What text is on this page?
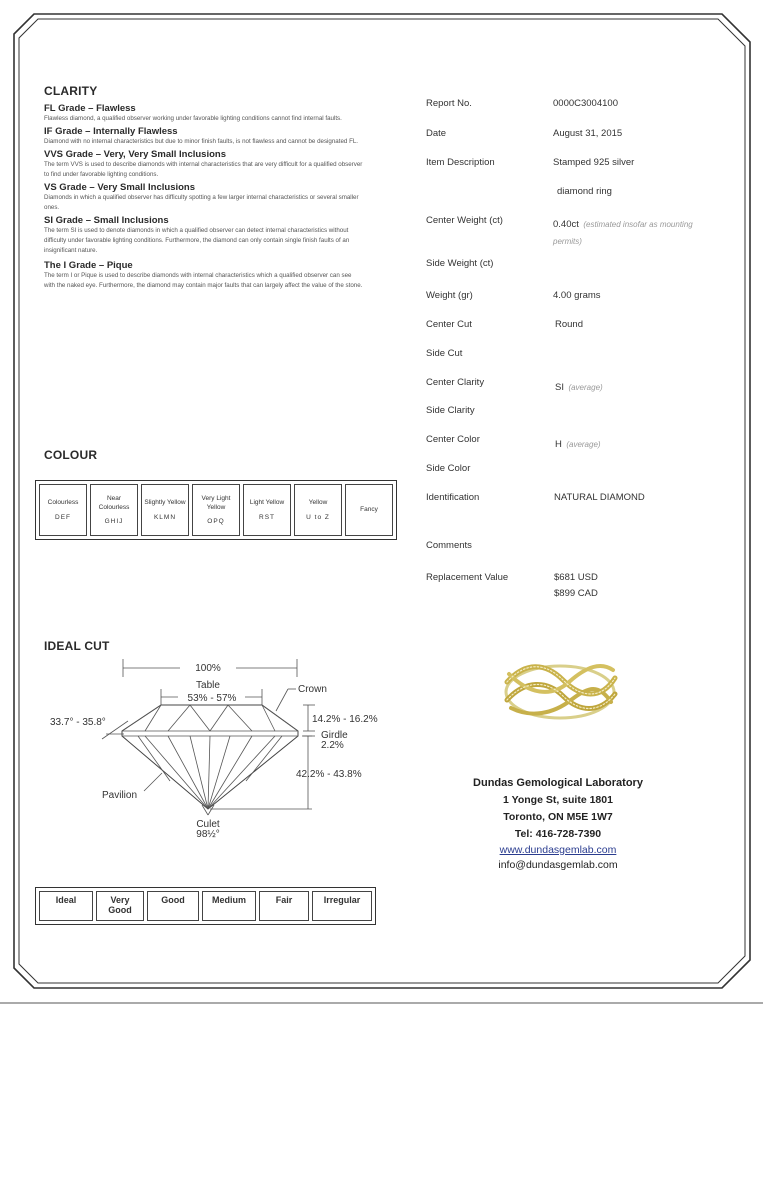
CLARITY
FL Grade – Flawless
Flawless diamond, a qualified observer working under favorable lighting conditions cannot find internal faults.
IF Grade – Internally Flawless
Diamond with no internal characteristics but due to minor finish faults, is not flawless and cannot be designated FL.
VVS Grade – Very, Very Small Inclusions
The term VVS is used to describe diamonds with internal characteristics that are very difficult for a qualified observer to find under favorable lighting conditions.
VS Grade – Very Small Inclusions
Diamonds in which a qualified observer has difficulty spotting a few larger internal characteristics or several smaller ones.
SI Grade – Small Inclusions
The term SI is used to denote diamonds in which a qualified observer can detect internal characteristics without difficulty under favorable lighting conditions. Furthermore, the diamond can only contain single finish faults of an insignificant nature.
The I Grade – Pique
The term I or Pique is used to describe diamonds with internal characteristics which a qualified observer can see with the naked eye. Furthermore, the diamond may contain major faults that can largely affect the value of the stone.
COLOUR
Colourless
DEF

Near Colourless
GHIJ

Slightly Yellow
KLMN

Very Light Yellow
OPQ

Light Yellow
RST

Yellow
U to Z

Fancy
IDEAL CUT
100%
Table
53% - 57%
Crown
33.7° - 35.8°	14.2% - 16.2%
Girdle
2.2%
42.2% - 43.8%
Pavilion
Culet
98½°
Ideal	Very Good	Good	Medium	Fair	Irregular
Report No.	0000C3004100
Date	August 31, 2015
Item Description	Stamped 925 silver
diamond ring
Center Weight (ct)	0.40ct (estimated insofar as mounting permits)
Side Weight (ct)
Weight (gr)	4.00 grams
Center Cut	Round
Side Cut
Center Clarity	SI (average)
Side Clarity
Center Color	H (average)
Side Color
Identification	NATURAL DIAMOND
Comments
Replacement Value	$681 USD
$899 CAD
Dundas Gemological Laboratory
1 Yonge St, suite 1801
Toronto, ON M5E 1W7
Tel: 416-728-7390
www.dundasgemlab.com
info@dundasgemlab.com
